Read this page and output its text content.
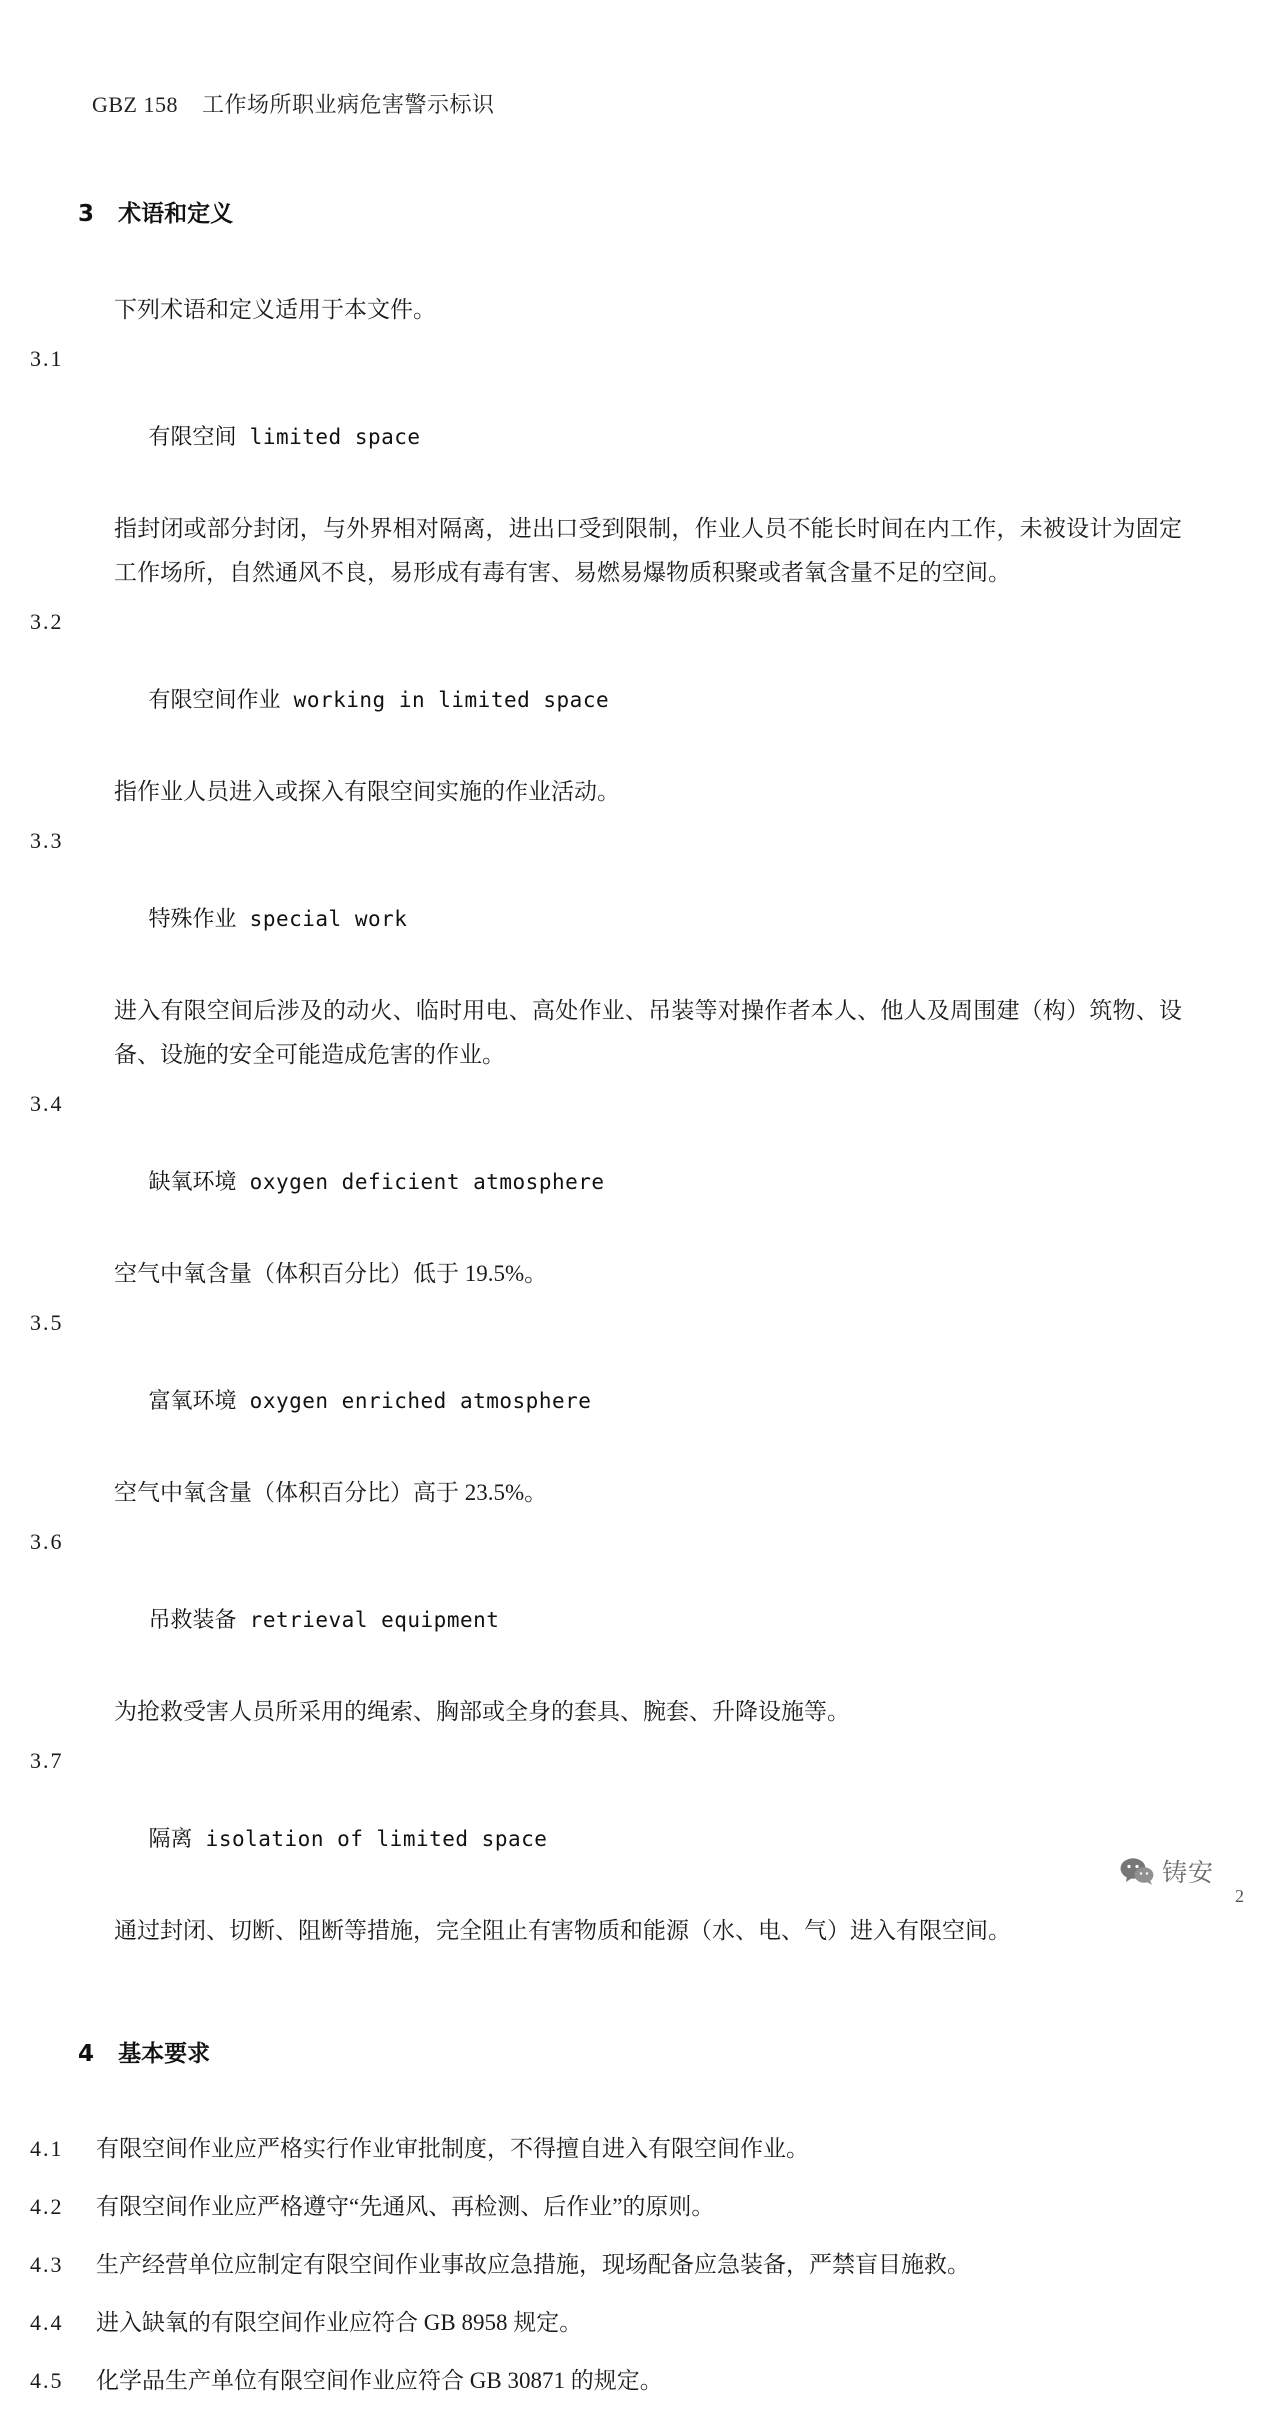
GBZ 158    工作场所职业病危害警示标识

3 术语和定义

下列术语和定义适用于本文件。
3.1

有限空间 limited space

指封闭或部分封闭，与外界相对隔离，进出口受到限制，作业人员不能长时间在内工作，未被设计为固定工作场所，自然通风不良，易形成有毒有害、易燃易爆物质积聚或者氧含量不足的空间。
3.2

有限空间作业 working in limited space

指作业人员进入或探入有限空间实施的作业活动。
3.3

特殊作业 special work

进入有限空间后涉及的动火、临时用电、高处作业、吊装等对操作者本人、他人及周围建（构）筑物、设备、设施的安全可能造成危害的作业。
3.4

缺氧环境 oxygen deficient atmosphere

空气中氧含量（体积百分比）低于 19.5%。
3.5

富氧环境 oxygen enriched atmosphere

空气中氧含量（体积百分比）高于 23.5%。
3.6

吊救装备 retrieval equipment

为抢救受害人员所采用的绳索、胸部或全身的套具、腕套、升降设施等。
3.7

隔离 isolation of limited space

通过封闭、切断、阻断等措施，完全阻止有害物质和能源（水、电、气）进入有限空间。

4 基本要求

4.1	有限空间作业应严格实行作业审批制度，不得擅自进入有限空间作业。
4.2	有限空间作业应严格遵守“先通风、再检测、后作业”的原则。
4.3	生产经营单位应制定有限空间作业事故应急措施，现场配备应急装备，严禁盲目施救。
4.4	进入缺氧的有限空间作业应符合 GB 8958 规定。
4.5	化学品生产单位有限空间作业应符合 GB 30871 的规定。
铸安
2
